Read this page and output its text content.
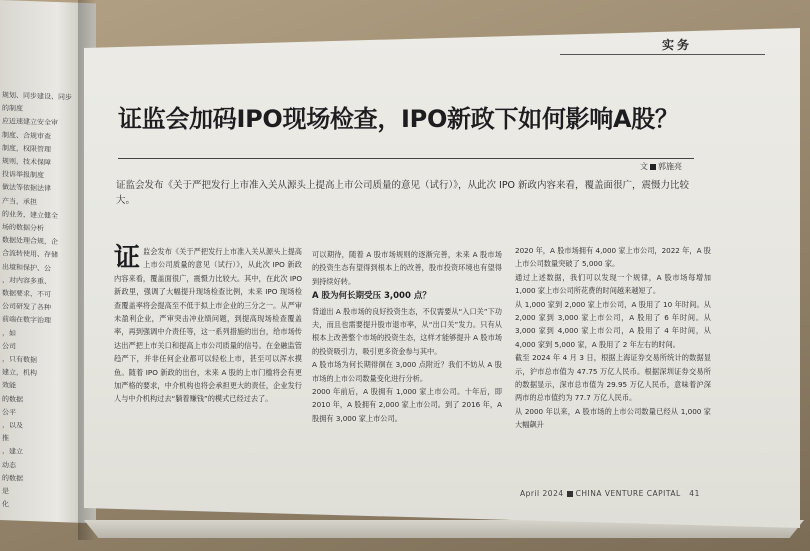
规划、同步建设、同步
的制度
应近速建立安全审
制度、合规审查
制度，权限管理
规则，技术保障
投诉举报制度
做法等依据法律
产当，承担
的业务，建立健全
场的数据分析
数据处理合规，企
合流转使用、存储
出境和保护、公
，对内容多重、
数据要求、不可
公司研发了各种
前端在数字治理
，如
公司
，只有数据
建立，机构
效能
的数据
公平
，以及
推
，建立
动态
的数据
是
化
实务
证监会加码IPO现场检查，IPO新政下如何影响A股？
文 郭施亮
证监会发布《关于严把发行上市准入关从源头上提高上市公司质量的意见（试行）》，从此次 IPO 新政内容来看，覆盖面很广，震慑力比较大。
证监会发布《关于严把发行上市准入关从源头上提高上市公司质量的意见（试行）》，从此次 IPO 新政内容来看，覆盖面很广，震慑力比较大。其中，在此次 IPO 新政里，强调了大幅提升现场检查比例，未来 IPO 现场检查覆盖率将会提高至不低于拟上市企业的三分之一。从严审未盈利企业，严审突击冲业绩问题，到提高现场检查覆盖率，再到强调中介责任等，这一系列措施的出台，给市场传达出严把上市关口和提高上市公司质量的信号。在金融监管趋严下，并非任何企业都可以轻松上市，甚至可以浑水摸鱼。随着 IPO 新政的出台，未来 A 股的上市门槛将会有更加严格的要求，中介机构也将会承担更大的责任，企业发行人与中介机构过去“躺着赚钱”的模式已经过去了。
可以期待，随着 A 股市场规则的逐渐完善，未来 A 股市场的投资生态有望得到根本上的改善，股市投资环境也有望得到持续好转。
A 股为何长期受压 3,000 点？
背道出 A 股市场的良好投资生态，不仅需要从“入口关”下功夫，而且也需要提升股市退市率，从“出口关”发力。只有从根本上改善整个市场的投资生态，这样才能够提升 A 股市场的投资吸引力，吸引更多资金参与其中。
A 股市场为何长期徘徊在 3,000 点附近？我们不妨从 A 股市场的上市公司数量变化进行分析。
2000 年前后，A 股拥有 1,000 家上市公司。十年后，即 2010 年，A 股拥有 2,000 家上市公司。到了 2016 年，A 股拥有 3,000 家上市公司。
2020 年，A 股市场拥有 4,000 家上市公司，2022 年，A 股上市公司数量突破了 5,000 家。
通过上述数据，我们可以发现一个规律，A 股市场每增加 1,000 家上市公司所花费的时间越来越短了。
从 1,000 家到 2,000 家上市公司，A 股用了 10 年时间。从 2,000 家到 3,000 家上市公司，A 股用了 6 年时间。从 3,000 家到 4,000 家上市公司，A 股用了 4 年时间，从 4,000 家到 5,000 家，A 股用了 2 年左右的时间。
截至 2024 年 4 月 3 日，根据上海证券交易所统计的数据显示，沪市总市值为 47.75 万亿人民币。根据深圳证券交易所的数据显示，深市总市值为 29.95 万亿人民币，意味着沪深两市的总市值约为 77.7 万亿人民币。
从 2000 年以来，A 股市场的上市公司数量已经从 1,000 家大幅飙升
April 2024 CHINA VENTURE CAPITAL 41
